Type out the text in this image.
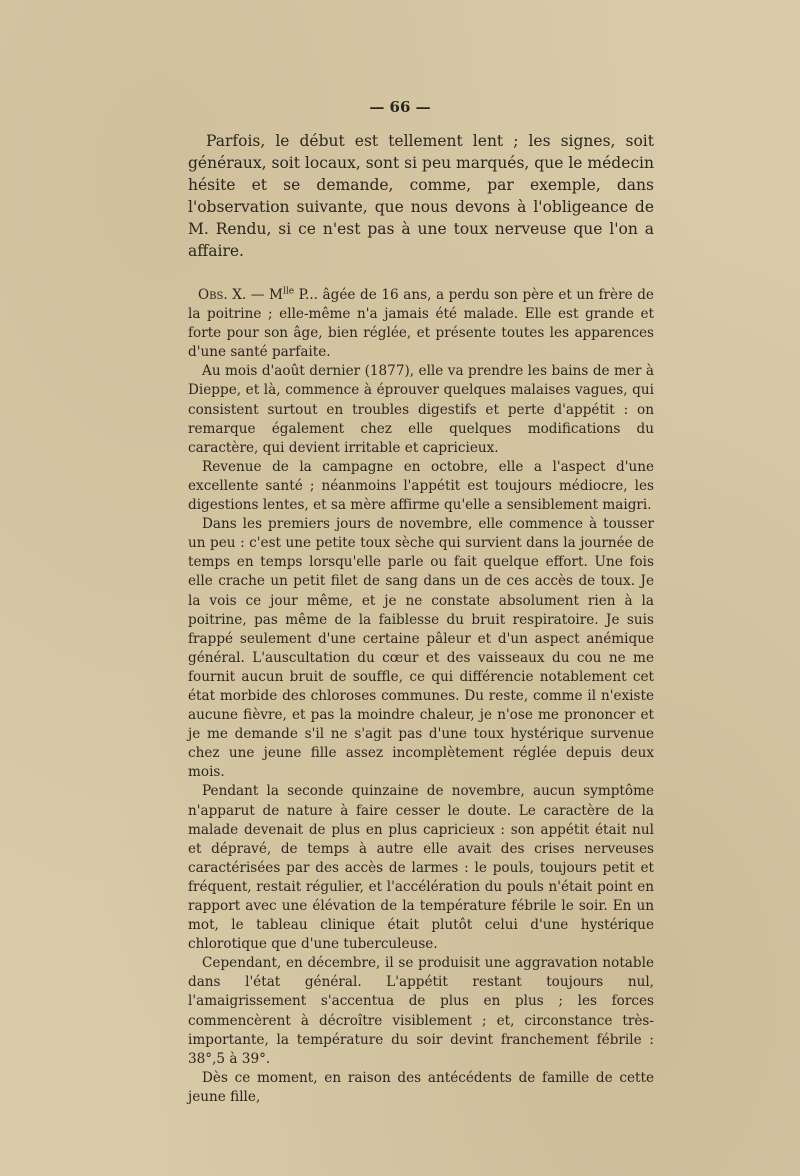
— 66 —

Parfois, le début est tellement lent ; les signes, soit généraux, soit locaux, sont si peu marqués, que le médecin hésite et se demande, comme, par exemple, dans l'observation suivante, que nous devons à l'obligeance de M. Rendu, si ce n'est pas à une toux nerveuse que l'on a affaire.

Obs. X. — $M^{lle}$ P... âgée de 16 ans, a perdu son père et un frère de la poitrine ; elle-même n'a jamais été malade. Elle est grande et forte pour son âge, bien réglée, et présente toutes les apparences d'une santé parfaite.

Au mois d'août dernier (1877), elle va prendre les bains de mer à Dieppe, et là, commence à éprouver quelques malaises vagues, qui consistent surtout en troubles digestifs et perte d'appétit : on remarque également chez elle quelques modifications du caractère, qui devient irritable et capricieux.

Revenue de la campagne en octobre, elle a l'aspect d'une excellente santé ; néanmoins l'appétit est toujours médiocre, les digestions lentes, et sa mère affirme qu'elle a sensiblement maigri.

Dans les premiers jours de novembre, elle commence à tousser un peu : c'est une petite toux sèche qui survient dans la journée de temps en temps lorsqu'elle parle ou fait quelque effort. Une fois elle crache un petit filet de sang dans un de ces accès de toux. Je la vois ce jour même, et je ne constate absolument rien à la poitrine, pas même de la faiblesse du bruit respiratoire. Je suis frappé seulement d'une certaine pâleur et d'un aspect anémique général. L'auscultation du cœur et des vaisseaux du cou ne me fournit aucun bruit de souffle, ce qui différencie notablement cet état morbide des chloroses communes. Du reste, comme il n'existe aucune fièvre, et pas la moindre chaleur, je n'ose me prononcer et je me demande s'il ne s'agit pas d'une toux hystérique survenue chez une jeune fille assez incomplètement réglée depuis deux mois.

Pendant la seconde quinzaine de novembre, aucun symptôme n'apparut de nature à faire cesser le doute. Le caractère de la malade devenait de plus en plus capricieux : son appétit était nul et dépravé, de temps à autre elle avait des crises nerveuses caractérisées par des accès de larmes : le pouls, toujours petit et fréquent, restait régulier, et l'accélération du pouls n'était point en rapport avec une élévation de la température fébrile le soir. En un mot, le tableau clinique était plutôt celui d'une hystérique chlorotique que d'une tuberculeuse.

Cependant, en décembre, il se produisit une aggravation notable dans l'état général. L'appétit restant toujours nul, l'amaigrissement s'accentua de plus en plus ; les forces commencèrent à décroître visiblement ; et, circonstance très-importante, la température du soir devint franchement fébrile : 38°,5 à 39°.

Dès ce moment, en raison des antécédents de famille de cette jeune fille,
